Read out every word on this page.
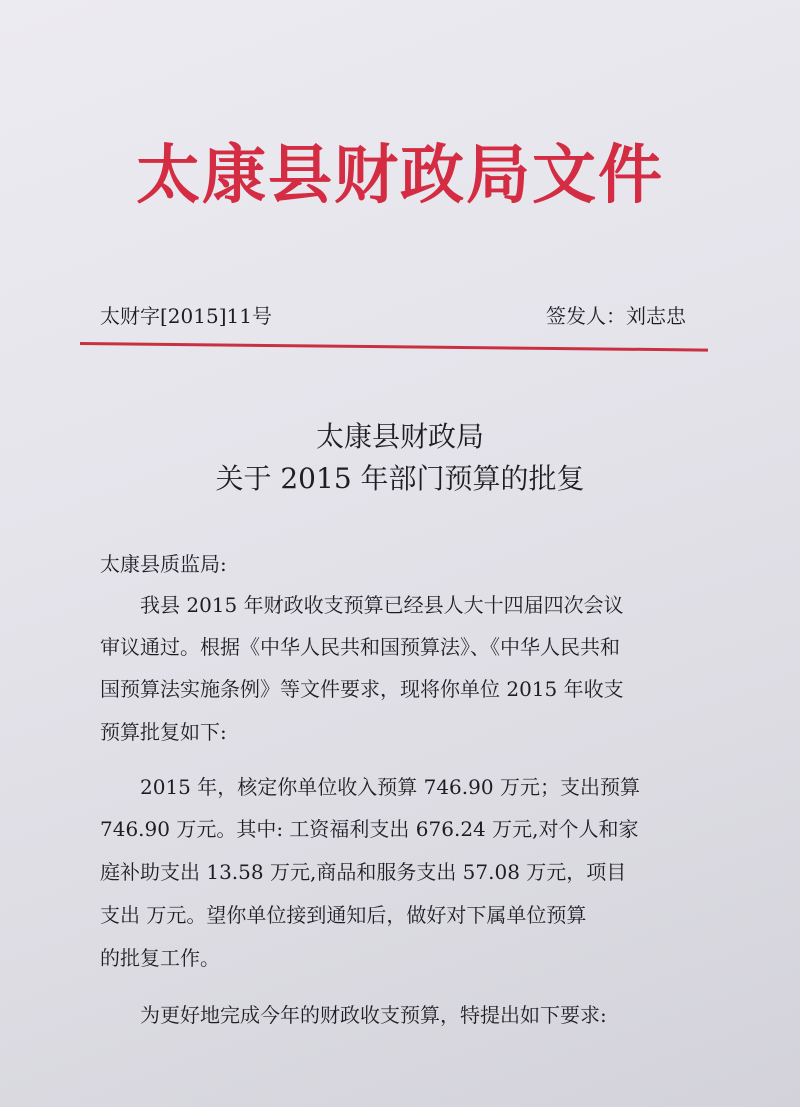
太康县财政局文件
太财字[2015]11号	签发人：刘志忠
太康县财政局
关于 2015 年部门预算的批复
太康县质监局:
我县 2015 年财政收支预算已经县人大十四届四次会议
审议通过。根据《中华人民共和国预算法》、《中华人民共和
国预算法实施条例》等文件要求，现将你单位 2015 年收支
预算批复如下:
2015 年，核定你单位收入预算 746.90 万元；支出预算
746.90 万元。其中: 工资福利支出 676.24 万元,对个人和家
庭补助支出 13.58 万元,商品和服务支出 57.08 万元，项目
支出 万元。望你单位接到通知后，做好对下属单位预算
的批复工作。
为更好地完成今年的财政收支预算，特提出如下要求:
